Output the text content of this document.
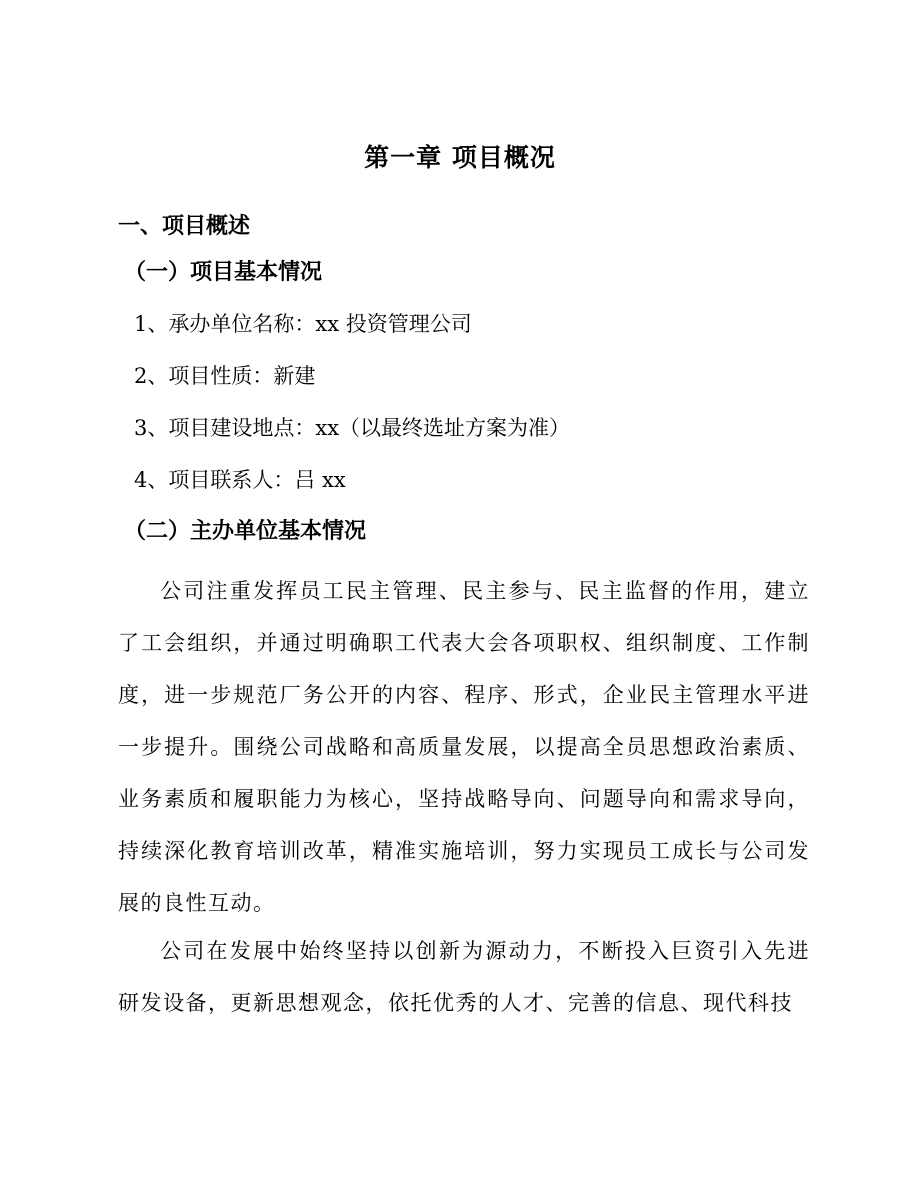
第一章 项目概况
一、项目概述
（一）项目基本情况
1、承办单位名称：xx 投资管理公司
2、项目性质：新建
3、项目建设地点：xx（以最终选址方案为准）
4、项目联系人：吕 xx
（二）主办单位基本情况

公司注重发挥员工民主管理、民主参与、民主监督的作用，建立了工会组织，并通过明确职工代表大会各项职权、组织制度、工作制度，进一步规范厂务公开的内容、程序、形式，企业民主管理水平进一步提升。围绕公司战略和高质量发展，以提高全员思想政治素质、业务素质和履职能力为核心，坚持战略导向、问题导向和需求导向，持续深化教育培训改革，精准实施培训，努力实现员工成长与公司发展的良性互动。

公司在发展中始终坚持以创新为源动力，不断投入巨资引入先进研发设备，更新思想观念，依托优秀的人才、完善的信息、现代科技
